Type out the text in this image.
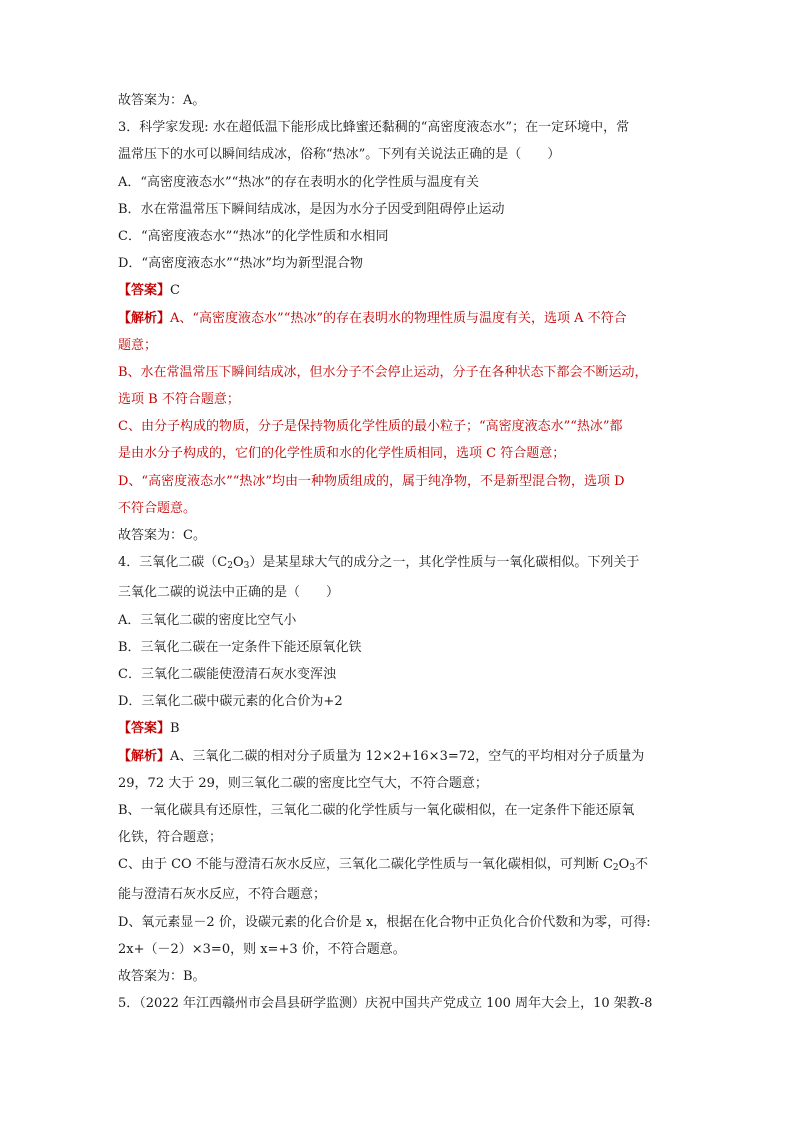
故答案为：A。

3．科学家发现: 水在超低温下能形成比蜂蜜还黏稠的“高密度液态水”；在一定环境中，常

温常压下的水可以瞬间结成冰，俗称“热冰”。下列有关说法正确的是（　　）

A．“高密度液态水”“热冰”的存在表明水的化学性质与温度有关

B．水在常温常压下瞬间结成冰，是因为水分子因受到阻碍停止运动

C．“高密度液态水”“热冰”的化学性质和水相同

D．“高密度液态水”“热冰”均为新型混合物

【答案】C

【解析】A、“高密度液态水”“热冰”的存在表明水的物理性质与温度有关，选项 A 不符合

题意；

B、水在常温常压下瞬间结成冰，但水分子不会停止运动，分子在各种状态下都会不断运动，

选项 B 不符合题意；

C、由分子构成的物质，分子是保持物质化学性质的最小粒子；“高密度液态水”“热冰”都

是由水分子构成的，它们的化学性质和水的化学性质相同，选项 C 符合题意；

D、“高密度液态水”“热冰”均由一种物质组成的，属于纯净物，不是新型混合物，选项 D

不符合题意。

故答案为：C。

4．三氧化二碳$(C_2O_3)$是某星球大气的成分之一，其化学性质与一氧化碳相似。下列关于

三氧化二碳的说法中正确的是（　　）

A．三氧化二碳的密度比空气小

B．三氧化二碳在一定条件下能还原氧化铁

C．三氧化二碳能使澄清石灰水变浑浊

D．三氧化二碳中碳元素的化合价为+2

【答案】B

【解析】A、三氧化二碳的相对分子质量为 12×2+16×3=72，空气的平均相对分子质量为

29，72 大于 29，则三氧化二碳的密度比空气大，不符合题意；

B、一氧化碳具有还原性，三氧化二碳的化学性质与一氧化碳相似，在一定条件下能还原氧

化铁，符合题意；

C、由于 CO 不能与澄清石灰水反应，三氧化二碳化学性质与一氧化碳相似，可判断 $C_2O_3$不

能与澄清石灰水反应，不符合题意；

D、氧元素显－2 价，设碳元素的化合价是 x，根据在化合物中正负化合价代数和为零，可得:

2x+（－2）×3=0，则 x=+3 价，不符合题意。

故答案为：B。

5．（2022 年江西赣州市会昌县研学监测）庆祝中国共产党成立 100 周年大会上，10 架教-8
